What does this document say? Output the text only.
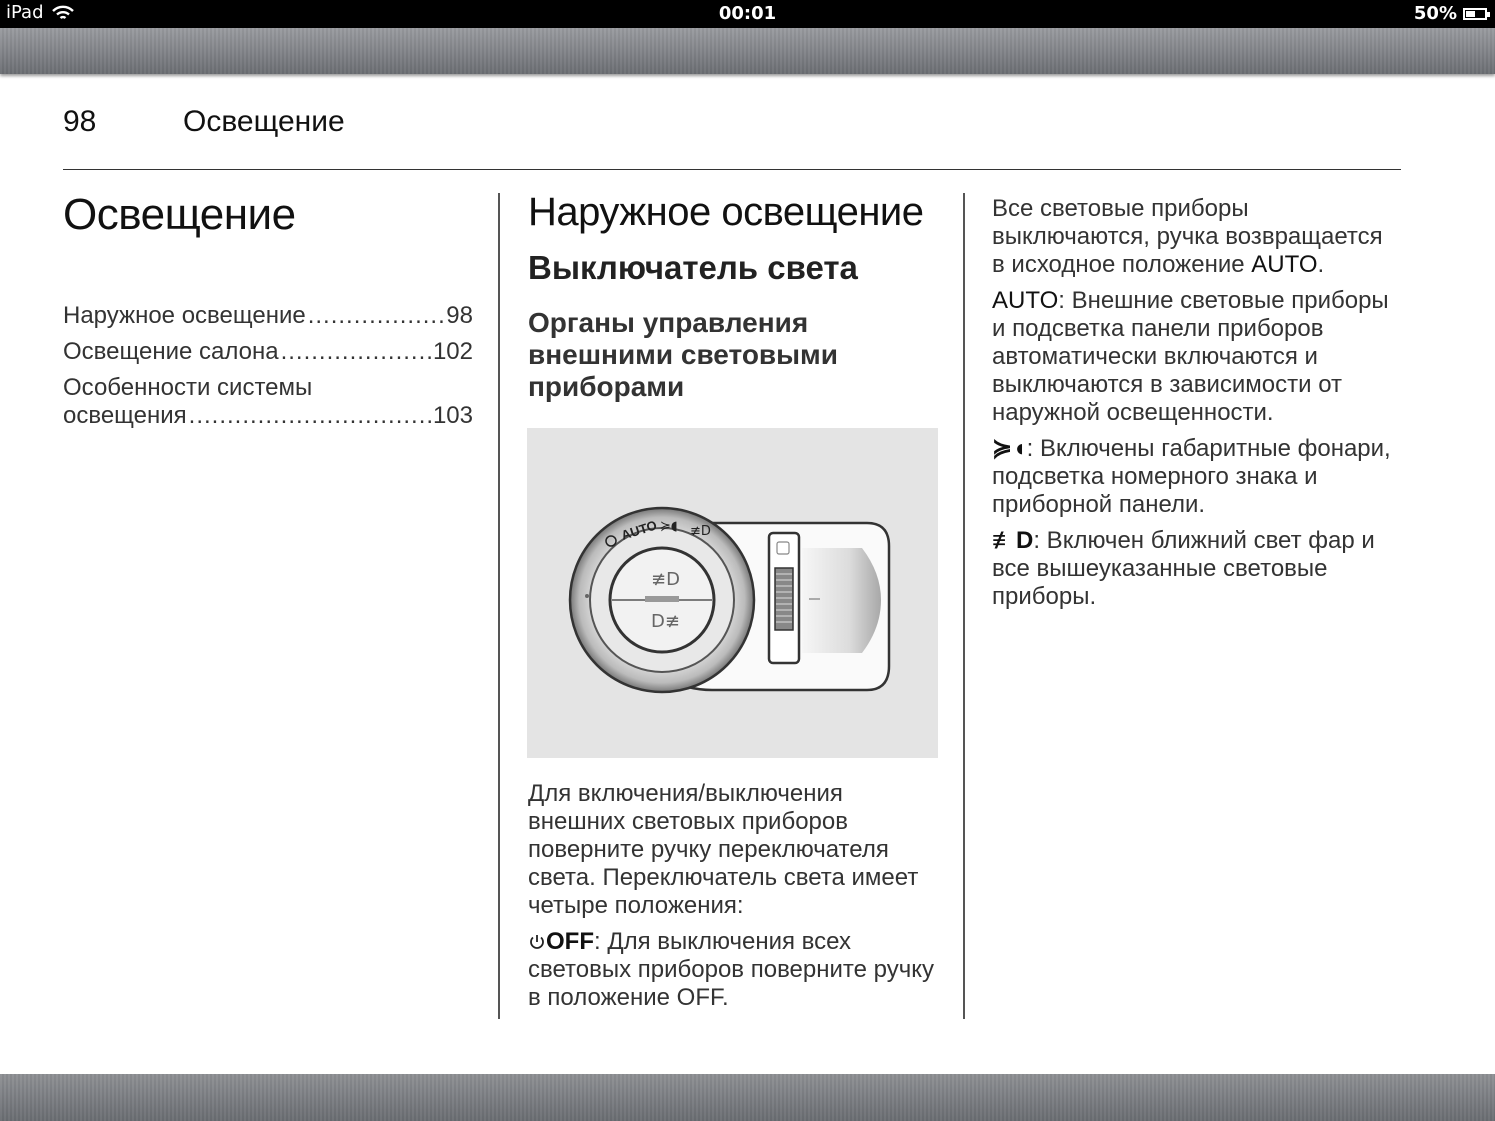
iPad	00:01	50%
98	Освещение
Освещение
Наружное освещение .....	98
Освещение салона .....	102
Особенности системы
освещения .....	103
Наружное освещение
Выключатель света
Органы управления внешними световыми приборами

Для включения/выключения внешних световых приборов поверните ручку переключателя света. Переключатель света имеет четыре положения:

OFF: Для выключения всех световых приборов поверните ручку в положение OFF.

≢D
D≢
AUTO ≽◖ ≢D

Все световые приборы выключаются, ручка возвращается в исходное положение AUTO.

AUTO: Внешние световые приборы и подсветка панели приборов автоматически включаются и выключаются в зависимости от наружной освещенности.

≽◖: Включены габаритные фонари, подсветка номерного знака и приборной панели.

≢D: Включен ближний свет фар и все вышеуказанные световые приборы.
